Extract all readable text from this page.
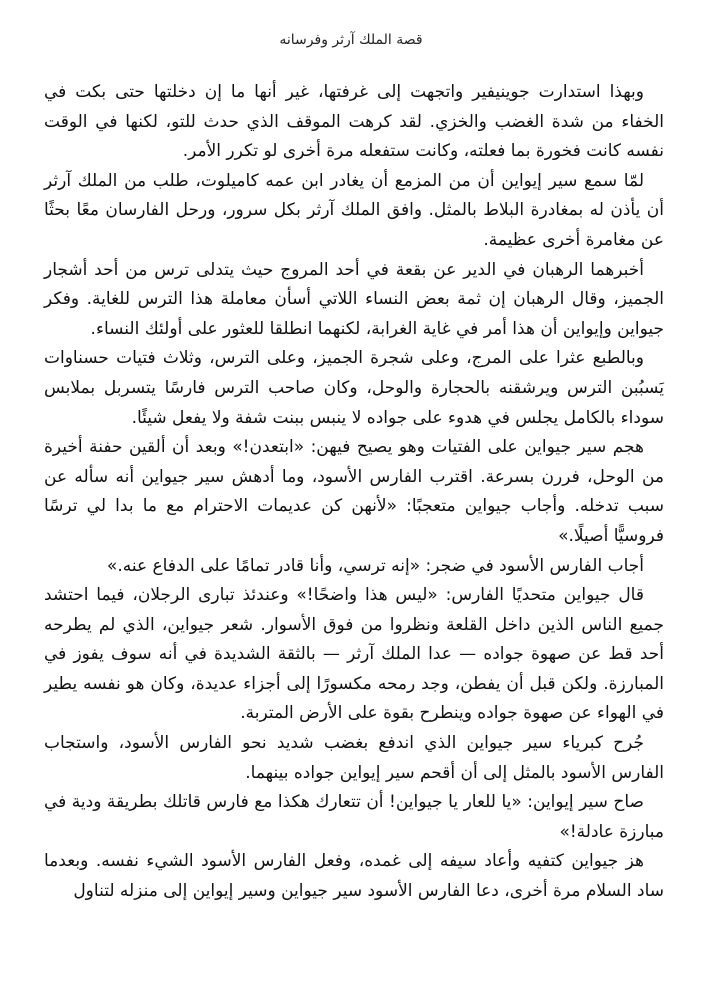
قصة الملك آرثر وفرسانه

وبهذا استدارت جوينيفير واتجهت إلى غرفتها، غير أنها ما إن دخلتها حتى بكت في الخفاء من شدة الغضب والخزي. لقد كرهت الموقف الذي حدث للتو، لكنها في الوقت نفسه كانت فخورة بما فعلته، وكانت ستفعله مرة أخرى لو تكرر الأمر.

لمّا سمع سير إيواين أن من المزمع أن يغادر ابن عمه كاميلوت، طلب من الملك آرثر أن يأذن له بمغادرة البلاط بالمثل. وافق الملك آرثر بكل سرور، ورحل الفارسان معًا بحثًا عن مغامرة أخرى عظيمة.

أخبرهما الرهبان في الدير عن بقعة في أحد المروج حيث يتدلى ترس من أحد أشجار الجميز، وقال الرهبان إن ثمة بعض النساء اللاتي أسأن معاملة هذا الترس للغاية. وفكر جيواين وإيواين أن هذا أمر في غاية الغرابة، لكنهما انطلقا للعثور على أولئك النساء.

وبالطبع عثرا على المرج، وعلى شجرة الجميز، وعلى الترس، وثلاث فتيات حسناوات يَسبُبن الترس ويرشقنه بالحجارة والوحل، وكان صاحب الترس فارسًا يتسربل بملابس سوداء بالكامل يجلس في هدوء على جواده لا ينبس ببنت شفة ولا يفعل شيئًا.

هجم سير جيواين على الفتيات وهو يصيح فيهن: «ابتعدن!» وبعد أن ألقين حفنة أخيرة من الوحل، فررن بسرعة. اقترب الفارس الأسود، وما أدهش سير جيواين أنه سأله عن سبب تدخله. وأجاب جيواين متعجبًا: «لأنهن كن عديمات الاحترام مع ما بدا لي ترسًا فروسيًّا أصيلًا.»

أجاب الفارس الأسود في ضجر: «إنه ترسي، وأنا قادر تمامًا على الدفاع عنه.»

قال جيواين متحديًا الفارس: «ليس هذا واضحًا!» وعندئذ تبارى الرجلان، فيما احتشد جميع الناس الذين داخل القلعة ونظروا من فوق الأسوار. شعر جيواين، الذي لم يطرحه أحد قط عن صهوة جواده — عدا الملك آرثر — بالثقة الشديدة في أنه سوف يفوز في المبارزة. ولكن قبل أن يفطن، وجد رمحه مكسورًا إلى أجزاء عديدة، وكان هو نفسه يطير في الهواء عن صهوة جواده وينطرح بقوة على الأرض المتربة.

جُرح كبرياء سير جيواين الذي اندفع بغضب شديد نحو الفارس الأسود، واستجاب الفارس الأسود بالمثل إلى أن أقحم سير إيواين جواده بينهما.

صاح سير إيواين: «يا للعار يا جيواين! أن تتعارك هكذا مع فارس قاتلك بطريقة ودية في مبارزة عادلة!»

هز جيواين كتفيه وأعاد سيفه إلى غمده، وفعل الفارس الأسود الشيء نفسه. وبعدما ساد السلام مرة أخرى، دعا الفارس الأسود سير جيواين وسير إيواين إلى منزله لتناول
